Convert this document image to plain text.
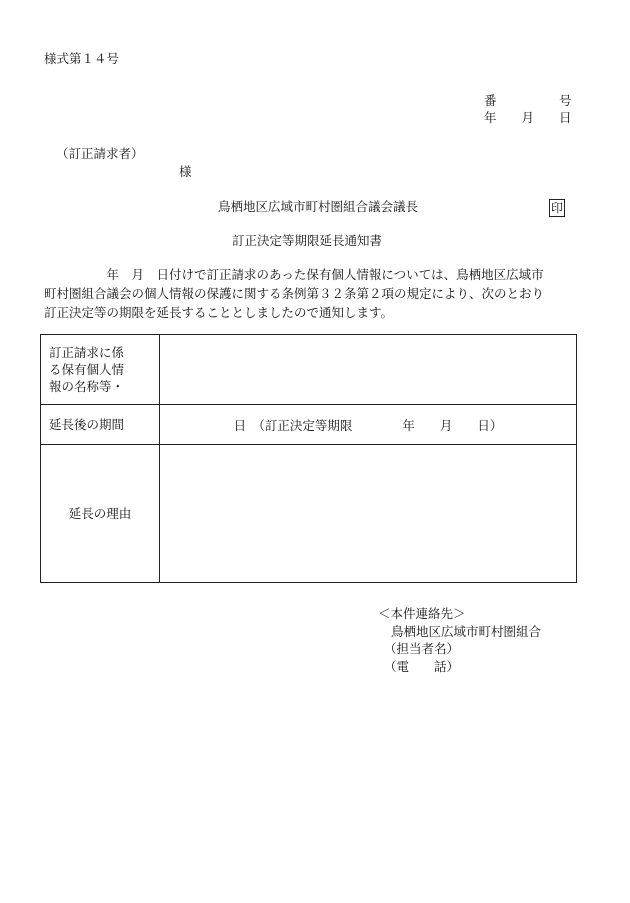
様式第１４号
番　　　　　号
年　　月　　日
（訂正請求者）
様
鳥栖地区広域市町村圏組合議会議長	印
訂正決定等期限延長通知書
　　　　　年　月　日付けで訂正請求のあった保有個人情報については、鳥栖地区広域市
町村圏組合議会の個人情報の保護に関する条例第３２条第２項の規定により、次のとおり
訂正決定等の期限を延長することとしましたので通知します。
訂正請求に係
る保有個人情
報の名称等・	

延長後の期間	日　（訂正決定等期限　　　　年　　月　　日）
延長の理由	
＜本件連絡先＞
鳥栖地区広域市町村圏組合
（担当者名）
（電　　話）
